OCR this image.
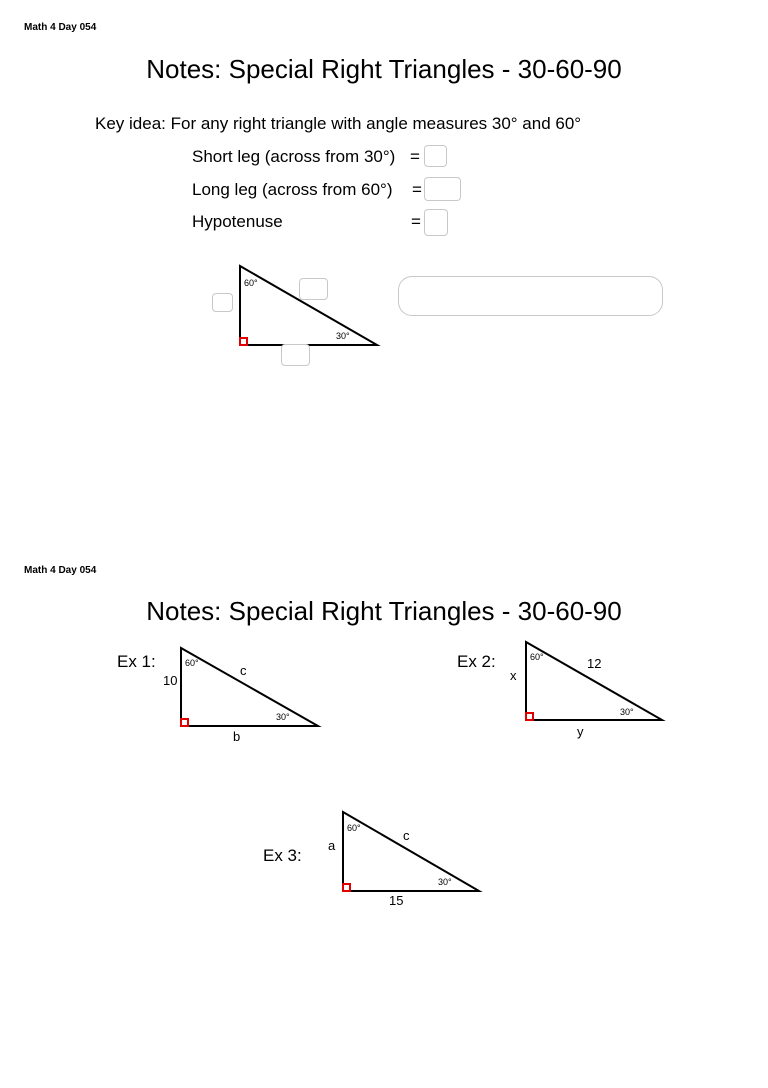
Math 4 Day 054
Notes: Special Right Triangles - 30-60-90
Key idea: For any right triangle with angle measures 30° and 60°
Short leg (across from 30°) =
Long leg (across from 60°) =
Hypotenuse	=
60°
30°
Math 4 Day 054
Notes: Special Right Triangles - 30-60-90
Ex 1:	60°
30°
10
c
b
Ex 2:	60°
30°
x
12
y
Ex 3:
60°
30°
a
c
15
